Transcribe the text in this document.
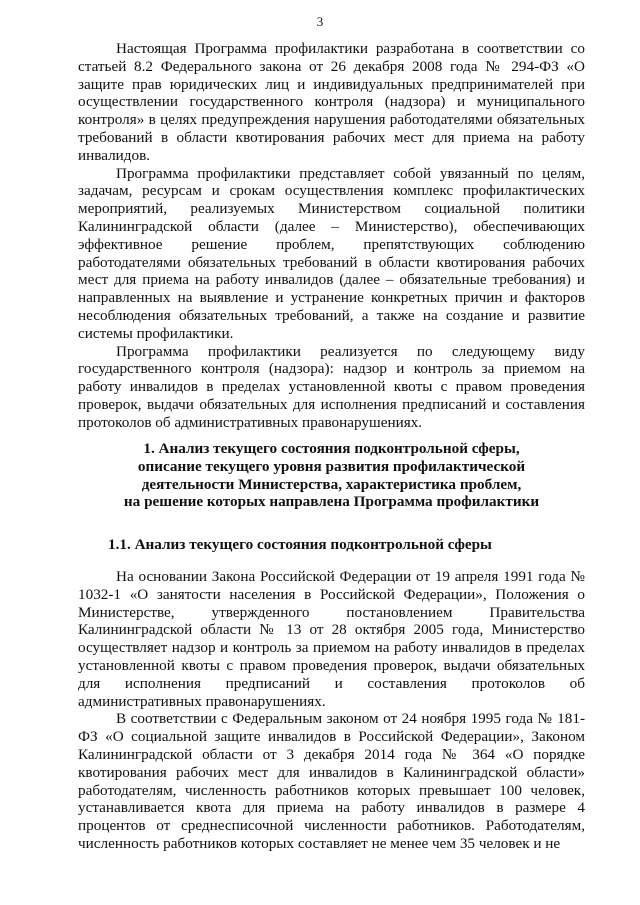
3

Настоящая Программа профилактики разработана в соответствии со статьей 8.2 Федерального закона от 26 декабря 2008 года № 294-ФЗ «О защите прав юридических лиц и индивидуальных предпринимателей при осуществлении государственного контроля (надзора) и муниципального контроля» в целях предупреждения нарушения работодателями обязательных требований в области квотирования рабочих мест для приема на работу инвалидов.

Программа профилактики представляет собой увязанный по целям, задачам, ресурсам и срокам осуществления комплекс профилактических мероприятий, реализуемых Министерством социальной политики Калининградской области (далее – Министерство), обеспечивающих эффективное решение проблем, препятствующих соблюдению работодателями обязательных требований в области квотирования рабочих мест для приема на работу инвалидов (далее – обязательные требования) и направленных на выявление и устранение конкретных причин и факторов несоблюдения обязательных требований, а также на создание и развитие системы профилактики.

Программа профилактики реализуется по следующему виду государственного контроля (надзора): надзор и контроль за приемом на работу инвалидов в пределах установленной квоты с правом проведения проверок, выдачи обязательных для исполнения предписаний и составления протоколов об административных правонарушениях.

1. Анализ текущего состояния подконтрольной сферы,
описание текущего уровня развития профилактической
деятельности Министерства, характеристика проблем,
на решение которых направлена Программа профилактики
1.1. Анализ текущего состояния подконтрольной сферы

На основании Закона Российской Федерации от 19 апреля 1991 года № 1032-1 «О занятости населения в Российской Федерации», Положения о Министерстве, утвержденного постановлением Правительства Калининградской области № 13 от 28 октября 2005 года, Министерство осуществляет надзор и контроль за приемом на работу инвалидов в пределах установленной квоты с правом проведения проверок, выдачи обязательных для исполнения предписаний и составления протоколов об административных правонарушениях.

В соответствии с Федеральным законом от 24 ноября 1995 года № 181-ФЗ «О социальной защите инвалидов в Российской Федерации», Законом Калининградской области от 3 декабря 2014 года № 364 «О порядке квотирования рабочих мест для инвалидов в Калининградской области» работодателям, численность работников которых превышает 100 человек, устанавливается квота для приема на работу инвалидов в размере 4 процентов от среднесписочной численности работников. Работодателям, численность работников которых составляет не менее чем 35 человек и не
